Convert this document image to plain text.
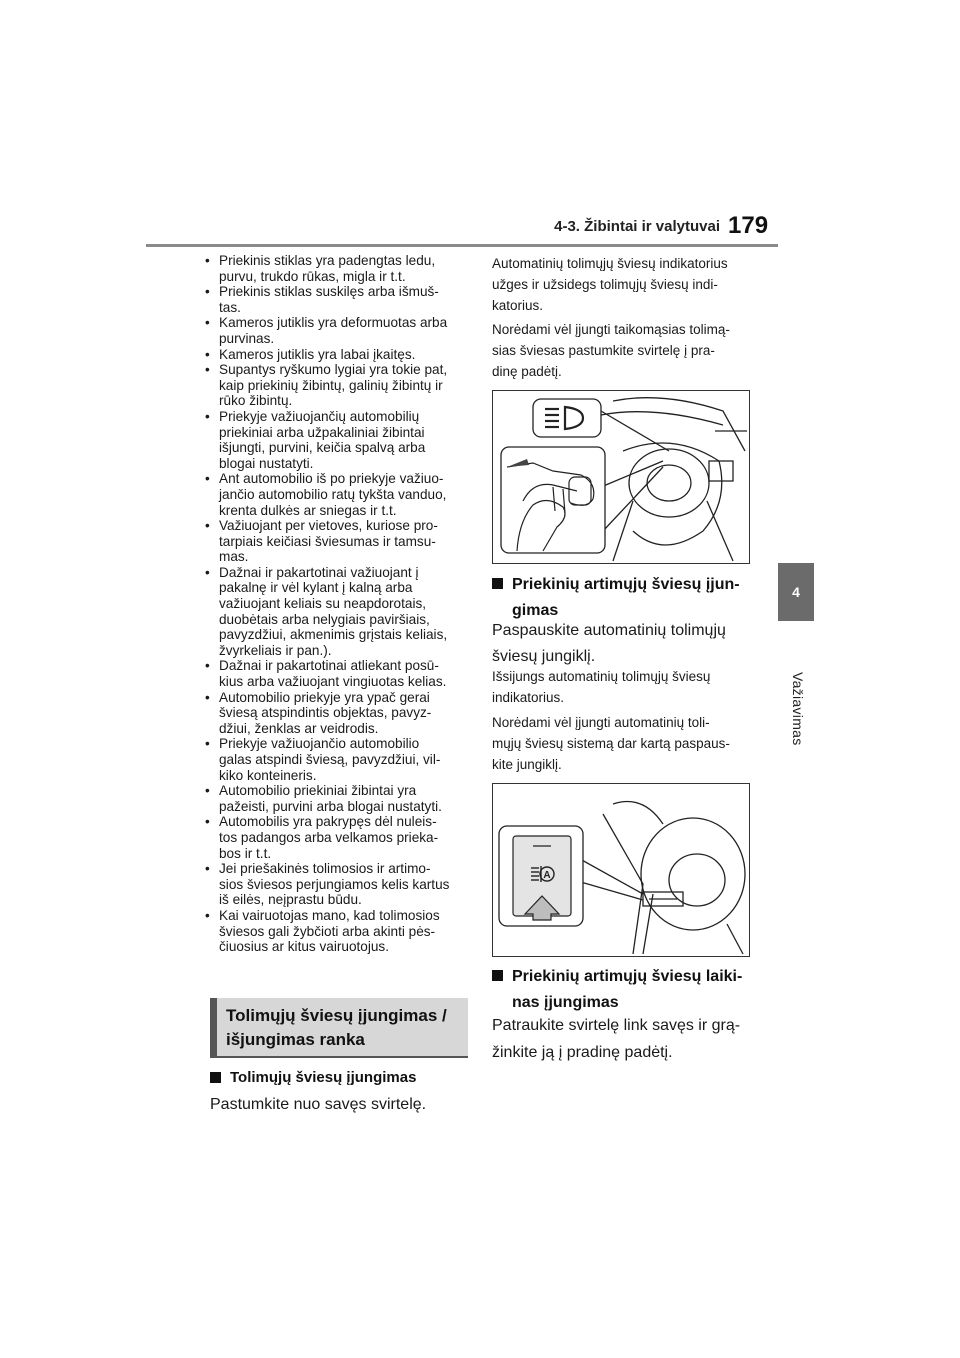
4-3. Žibintai ir valytuvai 179
4
Važiavimas
• Priekinis stiklas yra padengtas ledu,
purvu, trukdo rūkas, migla ir t.t.
• Priekinis stiklas suskilęs arba išmuš-
tas.
• Kameros jutiklis yra deformuotas arba
purvinas.
• Kameros jutiklis yra labai įkaitęs.
• Supantys ryškumo lygiai yra tokie pat,
kaip priekinių žibintų, galinių žibintų ir
rūko žibintų.
• Priekyje važiuojančių automobilių
priekiniai arba užpakaliniai žibintai
išjungti, purvini, keičia spalvą arba
blogai nustatyti.
• Ant automobilio iš po priekyje važiuo-
jančio automobilio ratų tykšta vanduo,
krenta dulkės ar sniegas ir t.t.
• Važiuojant per vietoves, kuriose pro-
tarpiais keičiasi šviesumas ir tamsu-
mas.
• Dažnai ir pakartotinai važiuojant į
pakalnę ir vėl kylant į kalną arba
važiuojant keliais su neapdorotais,
duobėtais arba nelygiais paviršiais,
pavyzdžiui, akmenimis grįstais keliais,
žvyrkeliais ir pan.).
• Dažnai ir pakartotinai atliekant posū-
kius arba važiuojant vingiuotas kelias.
• Automobilio priekyje yra ypač gerai
šviesą atspindintis objektas, pavyz-
džiui, ženklas ar veidrodis.
• Priekyje važiuojančio automobilio
galas atspindi šviesą, pavyzdžiui, vil-
kiko konteineris.
• Automobilio priekiniai žibintai yra
pažeisti, purvini arba blogai nustatyti.
• Automobilis yra pakrypęs dėl nuleis-
tos padangos arba velkamos prieka-
bos ir t.t.
• Jei priešakinės tolimosios ir artimo-
sios šviesos perjungiamos kelis kartus
iš eilės, neįprastu būdu.
• Kai vairuotojas mano, kad tolimosios
šviesos gali žybčioti arba akinti pės-
čiuosius ar kitus vairuotojus.
Tolimųjų šviesų įjungimas /
išjungimas ranka
Tolimųjų šviesų įjungimas
Pastumkite nuo savęs svirtelę.
Automatinių tolimųjų šviesų indikatorius
užges ir užsidegs tolimųjų šviesų indi-
katorius.
Norėdami vėl įjungti taikomąsias tolimą-
sias šviesas pastumkite svirtelę į pra-
dinę padėtį.
Priekinių artimųjų šviesų įjun-
gimas
Paspauskite automatinių tolimųjų
šviesų jungiklį.
Išsijungs automatinių tolimųjų šviesų
indikatorius.
Norėdami vėl įjungti automatinių toli-
mųjų šviesų sistemą dar kartą paspaus-
kite jungiklį.
A
Priekinių artimųjų šviesų laiki-
nas įjungimas
Patraukite svirtelę link savęs ir grą-
žinkite ją į pradinę padėtį.
